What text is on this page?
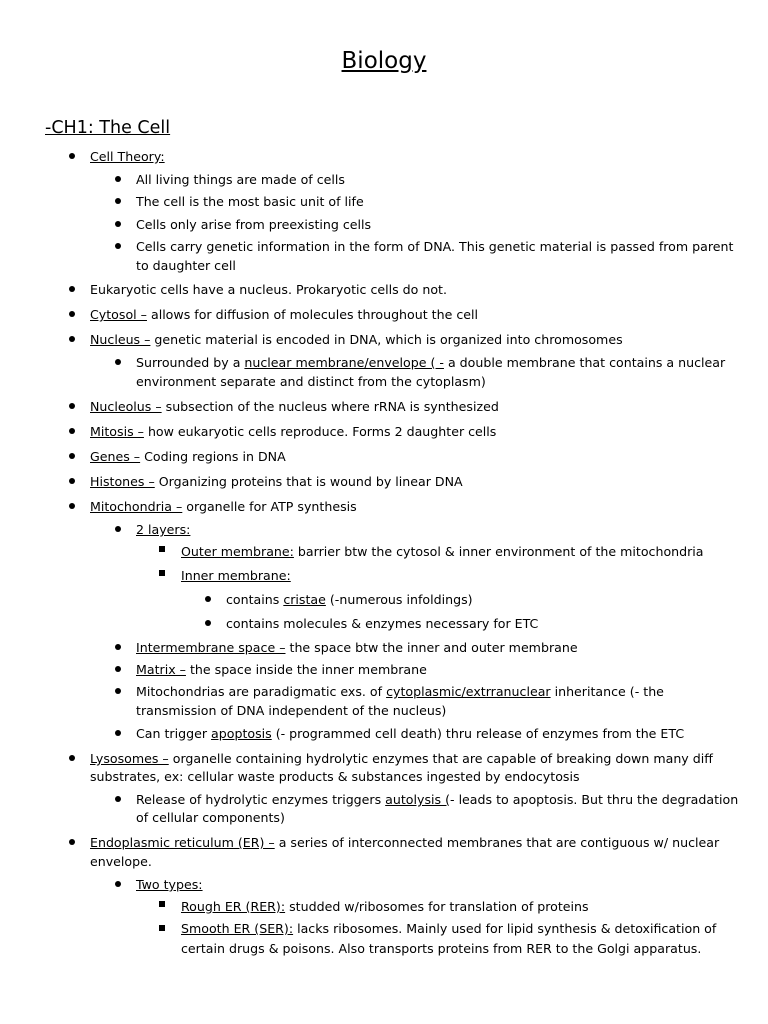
Biology
-CH1: The Cell
Cell Theory:
All living things are made of cells
The cell is the most basic unit of life
Cells only arise from preexisting cells
Cells carry genetic information in the form of DNA. This genetic material is passed from parent
to daughter cell
Eukaryotic cells have a nucleus. Prokaryotic cells do not.
Cytosol – allows for diffusion of molecules throughout the cell
Nucleus – genetic material is encoded in DNA, which is organized into chromosomes
Surrounded by a nuclear membrane/envelope ( - a double membrane that contains a nuclear
environment separate and distinct from the cytoplasm)
Nucleolus – subsection of the nucleus where rRNA is synthesized
Mitosis – how eukaryotic cells reproduce. Forms 2 daughter cells
Genes – Coding regions in DNA
Histones – Organizing proteins that is wound by linear DNA
Mitochondria – organelle for ATP synthesis
2 layers:
Outer membrane: barrier btw the cytosol & inner environment of the mitochondria
Inner membrane:
contains cristae (-numerous infoldings)
contains molecules & enzymes necessary for ETC
Intermembrane space – the space btw the inner and outer membrane
Matrix – the space inside the inner membrane
Mitochondrias are paradigmatic exs. of cytoplasmic/extrranuclear inheritance (- the
transmission of DNA independent of the nucleus)
Can trigger apoptosis (- programmed cell death) thru release of enzymes from the ETC
Lysosomes – organelle containing hydrolytic enzymes that are capable of breaking down many diff
substrates, ex: cellular waste products & substances ingested by endocytosis
Release of hydrolytic enzymes triggers autolysis (- leads to apoptosis. But thru the degradation
of cellular components)
Endoplasmic reticulum (ER) – a series of interconnected membranes that are contiguous w/ nuclear
envelope.
Two types:
Rough ER (RER): studded w/ribosomes for translation of proteins
Smooth ER (SER): lacks ribosomes. Mainly used for lipid synthesis & detoxification of
certain drugs & poisons. Also transports proteins from RER to the Golgi apparatus.
